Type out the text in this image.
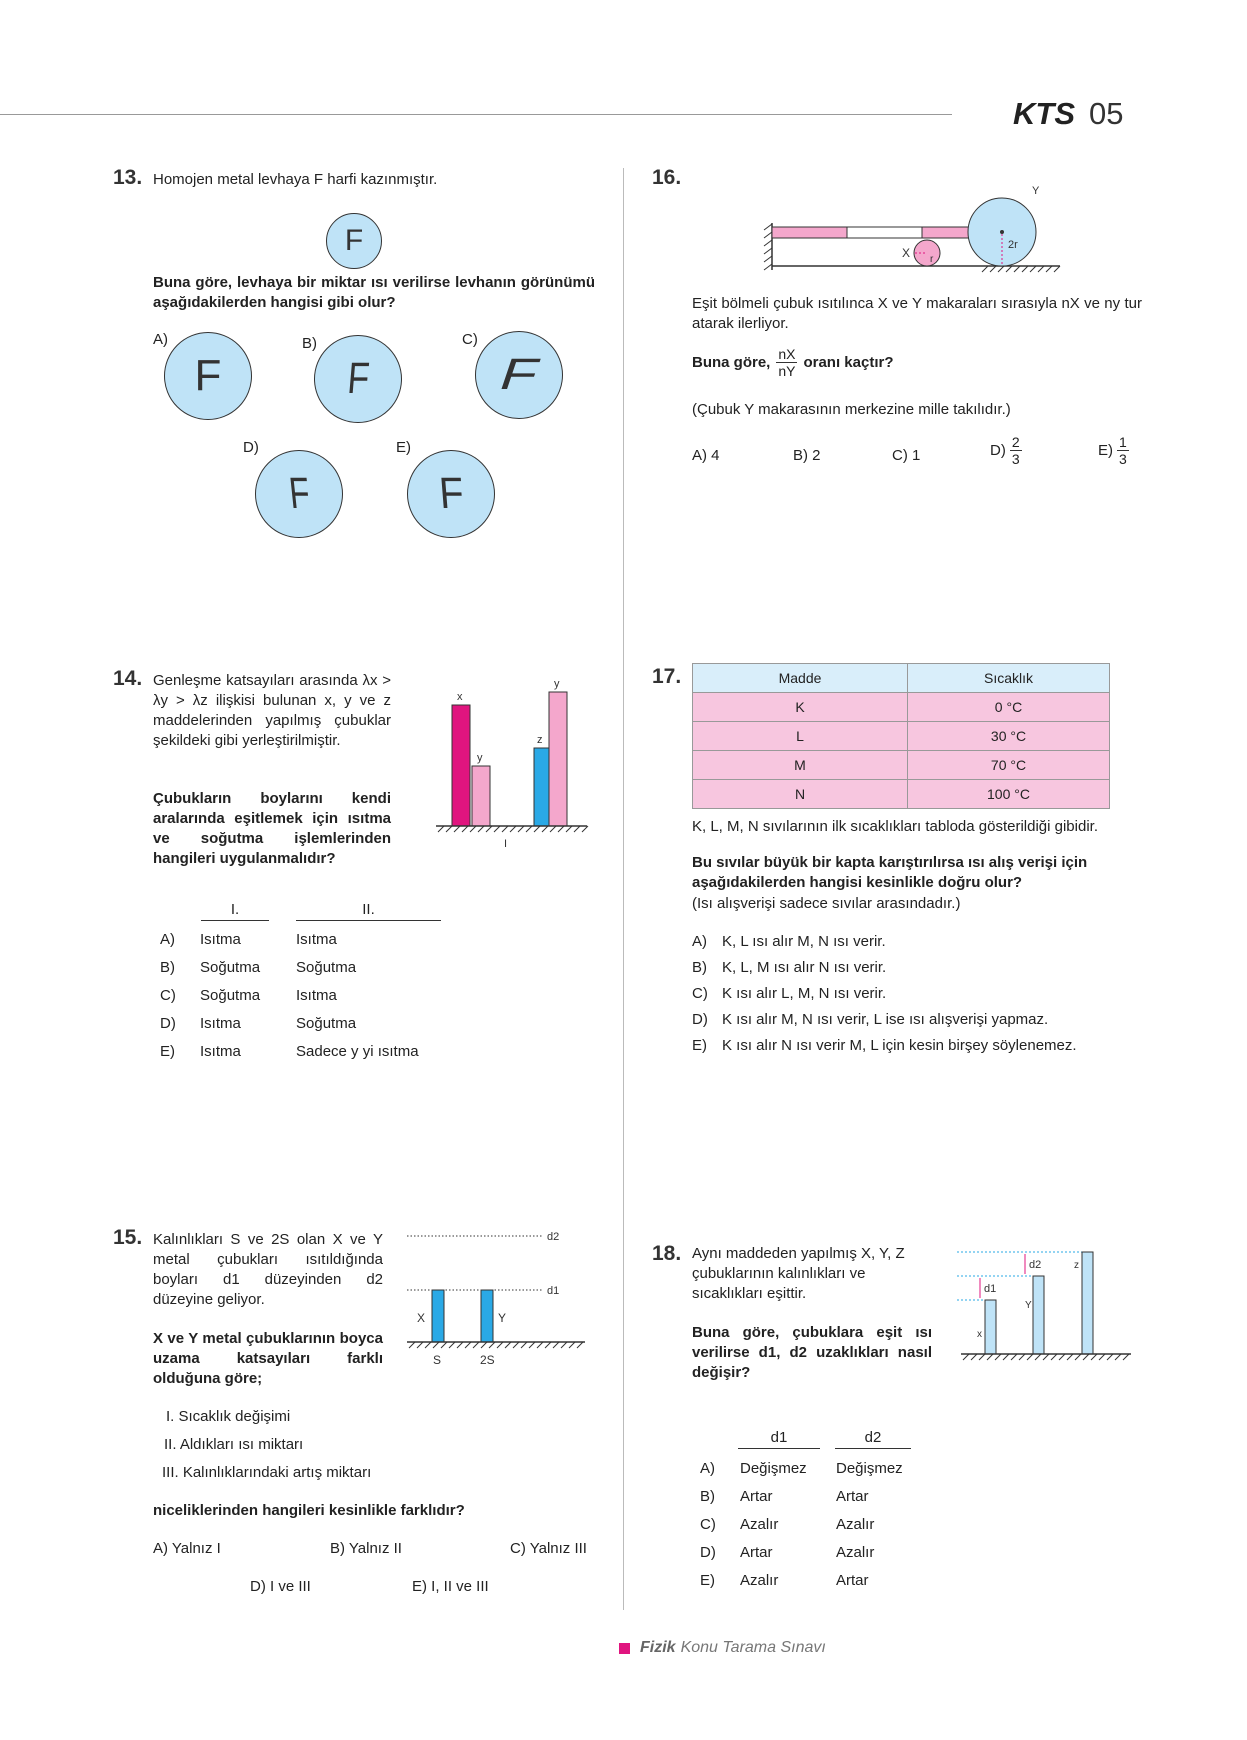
KTS 05
13. Homojen metal levhaya F harfi kazınmıştır.
F
Buna göre, levhaya bir miktar ısı verilirse levhanın görünümü aşağıdakilerden hangisi gibi olur?
A)
F
B)
F
C)
F
D)
F
E)
F
14. Genleşme katsayıları arasında λx > λy > λz ilişkisi bulunan x, y ve z maddelerinden yapılmış çubuklar şekildeki gibi yerleştirilmiştir.
Çubukların boylarını kendi aralarında eşitlemek için ısıtma ve soğutma işlemlerinden hangileri uygulanmalıdır?
x
y
z
y
I
I.	II.
A) Isıtma	Isıtma
B) Soğutma Soğutma
C) Soğutma Isıtma
D) Isıtma	Soğutma
E) Isıtma	Sadece y yi ısıtma
15. Kalınlıkları S ve 2S olan X ve Y metal çubukları ısıtıldığında boyları d1 düzeyinden d2 düzeyine geliyor.
X ve Y metal çubuklarının boyca uzama katsayıları farklı olduğuna göre;
d2
d1
X	Y
S	2S
I. Sıcaklık değişimi
II. Aldıkları ısı miktarı
III. Kalınlıklarındaki artış miktarı
niceliklerinden hangileri kesinlikle farklıdır?
A) Yalnız I	B) Yalnız II	C) Yalnız III
D) I ve III	E) I, II ve III
16.
X r
Y
2r
Eşit bölmeli çubuk ısıtılınca X ve Y makaraları sırasıyla nX ve ny tur atarak ilerliyor.
Buna göre, $\frac{nX}{nY}$ oranı kaçtır?
(Çubuk Y makarasının merkezine mille takılıdır.)
A) 4	B) 2	C) 1	$D) \frac{2}{3}$	$E) \frac{1}{3}$
17.	Madde	Sıcaklık
K	0 °C
L	30 °C
M	70 °C
N	100 °C
K, L, M, N sıvılarının ilk sıcaklıkları tabloda gösterildiği gibidir.
Bu sıvılar büyük bir kapta karıştırılırsa ısı alış verişi için aşağıdakilerden hangisi kesinlikle doğru olur?
(Isı alışverişi sadece sıvılar arasındadır.)
A) K, L ısı alır M, N ısı verir.
B) K, L, M ısı alır N ısı verir.
C) K ısı alır L, M, N ısı verir.
D) K ısı alır M, N ısı verir, L ise ısı alışverişi yapmaz.
E) K ısı alır N ısı verir M, L için kesin birşey söylenemez.
18. Aynı maddeden yapılmış X, Y, Z çubuklarının kalınlıkları ve sıcaklıkları eşittir.
Buna göre, çubuklara eşit ısı verilirse d1, d2 uzaklıkları nasıl değişir?
d2
d1
x
Y
z
d1	d2
A) Değişmez Değişmez
B) Artar	Artar
C) Azalır	Azalır
D) Artar	Azalır
E) Azalır	Artar
Fizik Konu Tarama Sınavı
